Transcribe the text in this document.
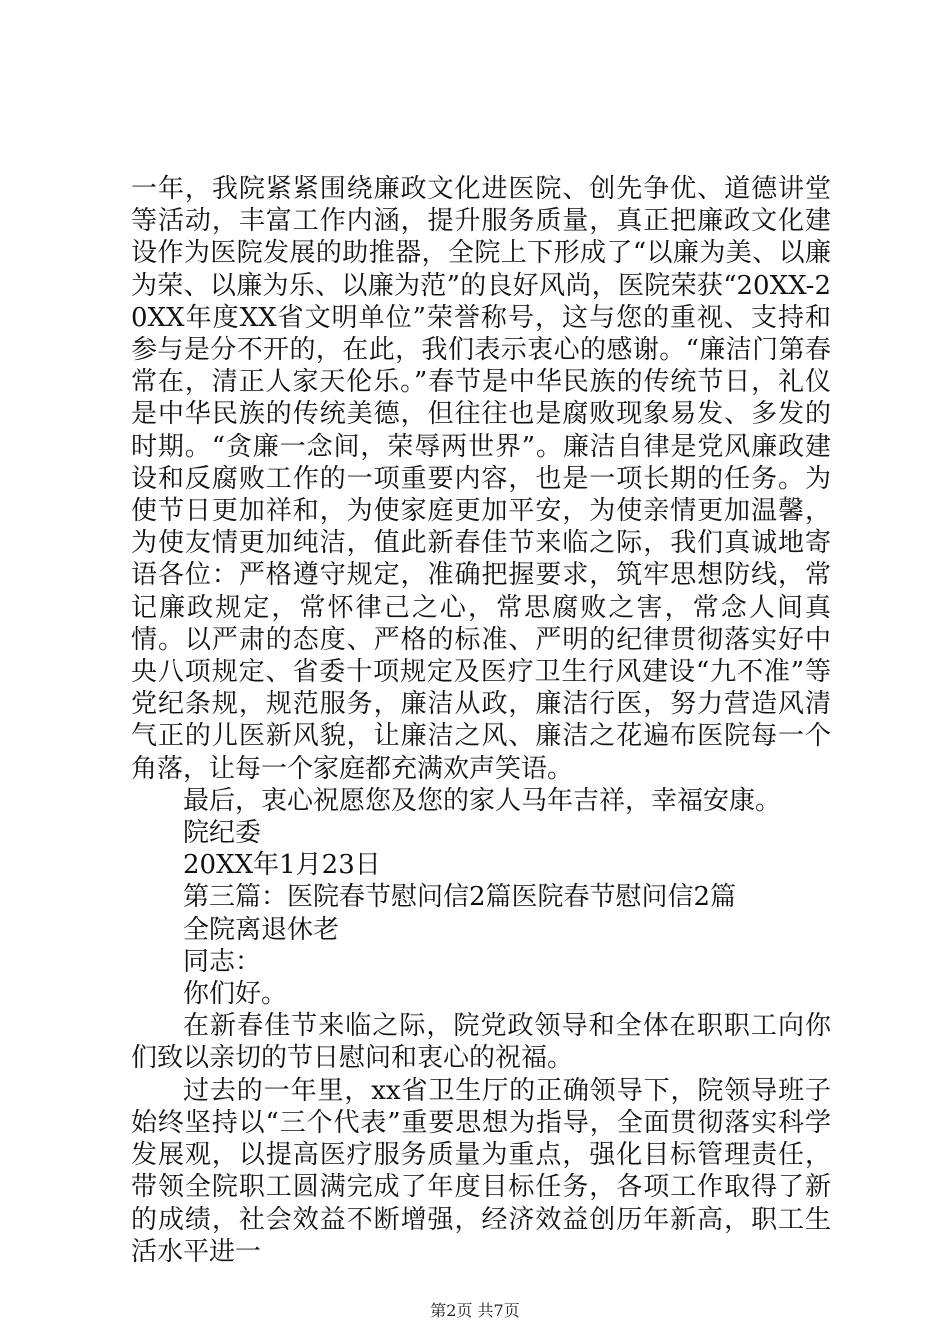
一年，我院紧紧围绕廉政文化进医院、创先争优、道德讲堂等活动，丰富工作内涵，提升服务质量，真正把廉政文化建设作为医院发展的助推器，全院上下形成了“以廉为美、以廉为荣、以廉为乐、以廉为范”的良好风尚，医院荣获“20XX-20XX年度XX省文明单位”荣誉称号，这与您的重视、支持和参与是分不开的，在此，我们表示衷心的感谢。“廉洁门第春常在，清正人家天伦乐。”春节是中华民族的传统节日，礼仪是中华民族的传统美德，但往往也是腐败现象易发、多发的时期。“贪廉一念间，荣辱两世界”。廉洁自律是党风廉政建设和反腐败工作的一项重要内容，也是一项长期的任务。为使节日更加祥和，为使家庭更加平安，为使亲情更加温馨，为使友情更加纯洁，值此新春佳节来临之际，我们真诚地寄语各位：严格遵守规定，准确把握要求，筑牢思想防线，常记廉政规定，常怀律己之心，常思腐败之害，常念人间真情。以严肃的态度、严格的标准、严明的纪律贯彻落实好中央八项规定、省委十项规定及医疗卫生行风建设“九不准”等党纪条规，规范服务，廉洁从政，廉洁行医，努力营造风清气正的儿医新风貌，让廉洁之风、廉洁之花遍布医院每一个角落，让每一个家庭都充满欢声笑语。

最后，衷心祝愿您及您的家人马年吉祥，幸福安康。

院纪委

20XX年1月23日

第三篇：医院春节慰问信2篇医院春节慰问信2篇

全院离退休老

同志：

你们好。

在新春佳节来临之际，院党政领导和全体在职职工向你们致以亲切的节日慰问和衷心的祝福。

过去的一年里，xx省卫生厅的正确领导下，院领导班子始终坚持以“三个代表”重要思想为指导，全面贯彻落实科学发展观，以提高医疗服务质量为重点，强化目标管理责任，带领全院职工圆满完成了年度目标任务，各项工作取得了新的成绩，社会效益不断增强，经济效益创历年新高，职工生活水平进一

第2页 共7页
